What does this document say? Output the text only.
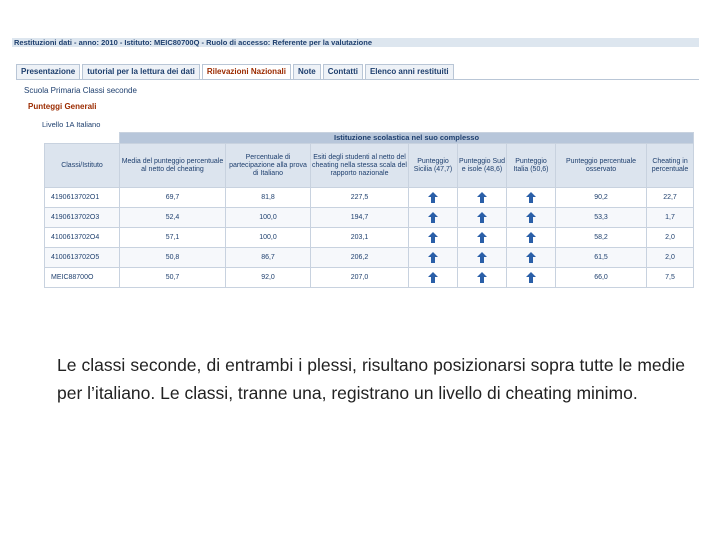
Restituzioni dati - anno: 2010 - Istituto: MEIC80700Q - Ruolo di accesso: Referente per la valutazione
Presentazione	tutorial per la lettura dei dati	Rilevazioni Nazionali	Note	Contatti	Elenco anni restituiti
Scuola Primaria Classi seconde
Punteggi Generali
Livello 1A Italiano
	Istituzione scolastica nel suo complesso							
Classi/Istituto	Media del punteggio percentuale al netto del cheating	Percentuale di partecipazione alla prova di Italiano	Esiti degli studenti al netto del cheating nella stessa scala del rapporto nazionale	Punteggio Sicilia (47,7)	Punteggio Sud e isole (48,6)	Punteggio Italia (50,6)	Punteggio percentuale osservato	Cheating in percentuale
4190613702O1	69,7	81,8	227,5				90,2	22,7
4190613702O3	52,4	100,0	194,7				53,3	1,7
4100613702O4	57,1	100,0	203,1				58,2	2,0
4100613702O5	50,8	86,7	206,2				61,5	2,0
MEIC88700O	50,7	92,0	207,0				66,0	7,5
Le classi seconde, di entrambi i plessi, risultano posizionarsi sopra tutte le medie per l’italiano. Le classi, tranne una, registrano un livello di cheating minimo.
